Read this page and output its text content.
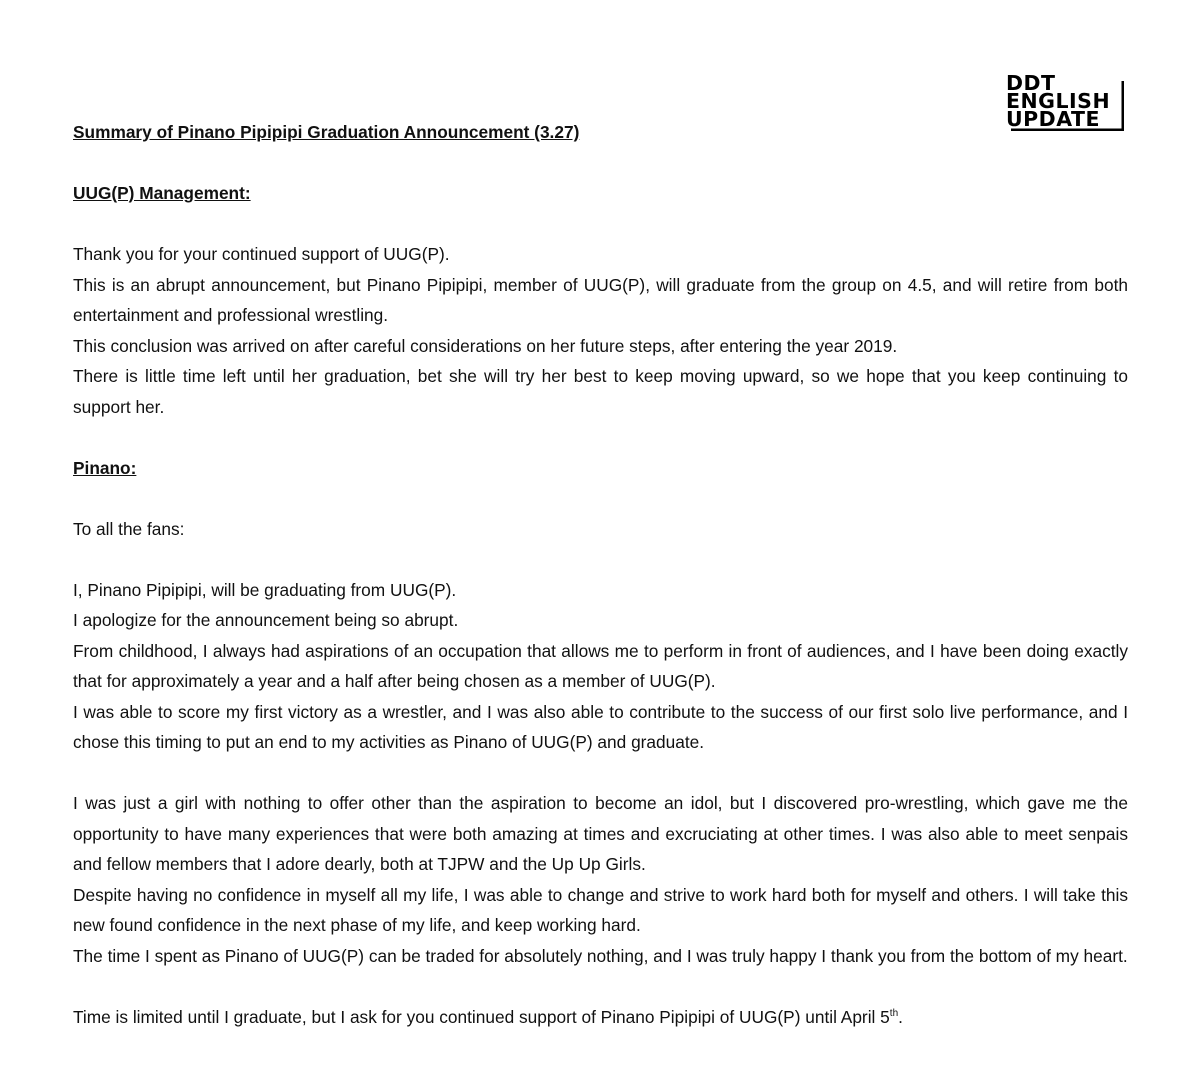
DDT
ENGLISH
UPDATE

Summary of Pinano Pipipipi Graduation Announcement (3.27)

UUG(P) Management:

Thank you for your continued support of UUG(P).

This is an abrupt announcement, but Pinano Pipipipi, member of UUG(P), will graduate from the group on 4.5, and will retire from both entertainment and professional wrestling.

This conclusion was arrived on after careful considerations on her future steps, after entering the year 2019.

There is little time left until her graduation, bet she will try her best to keep moving upward, so we hope that you keep continuing to support her.

Pinano:

To all the fans:

I, Pinano Pipipipi, will be graduating from UUG(P).

I apologize for the announcement being so abrupt.

From childhood, I always had aspirations of an occupation that allows me to perform in front of audiences, and I have been doing exactly that for approximately a year and a half after being chosen as a member of UUG(P).

I was able to score my first victory as a wrestler, and I was also able to contribute to the success of our first solo live performance, and I chose this timing to put an end to my activities as Pinano of UUG(P) and graduate.

I was just a girl with nothing to offer other than the aspiration to become an idol, but I discovered pro-wrestling, which gave me the opportunity to have many experiences that were both amazing at times and excruciating at other times. I was also able to meet senpais and fellow members that I adore dearly, both at TJPW and the Up Up Girls.

Despite having no confidence in myself all my life, I was able to change and strive to work hard both for myself and others. I will take this new found confidence in the next phase of my life, and keep working hard.

The time I spent as Pinano of UUG(P) can be traded for absolutely nothing, and I was truly happy I thank you from the bottom of my heart.

Time is limited until I graduate, but I ask for you continued support of Pinano Pipipipi of UUG(P) until April 5th.
